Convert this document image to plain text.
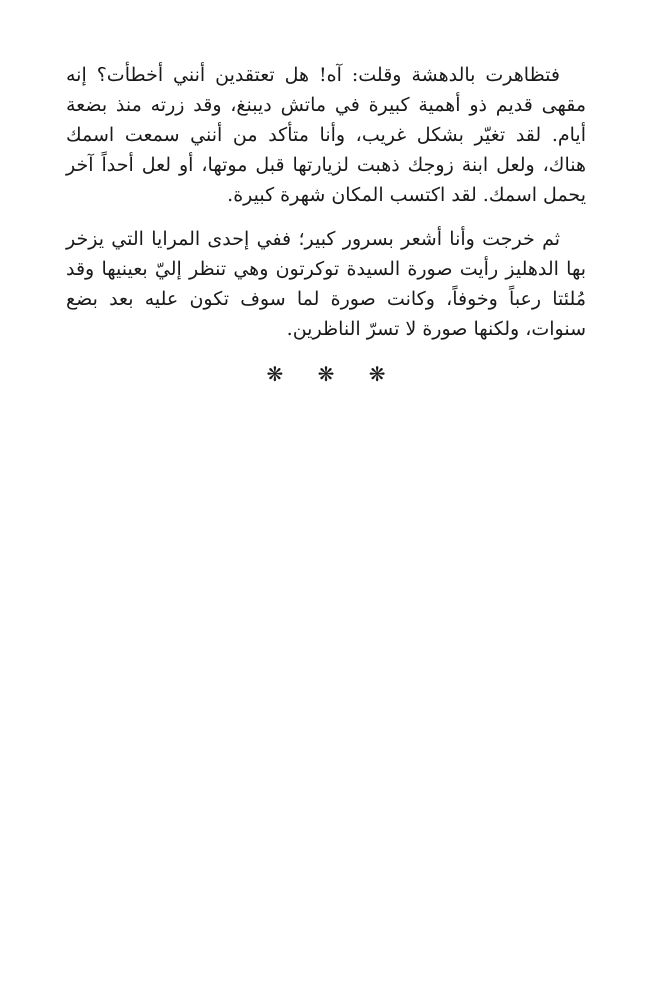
فتظاهرت بالدهشة وقلت: آه! هل تعتقدين أنني أخطأت؟ إنه مقهى قديم ذو أهمية كبيرة في ماتش ديبنغ، وقد زرته منذ بضعة أيام. لقد تغيّر بشكل غريب، وأنا متأكد من أنني سمعت اسمك هناك، ولعل ابنة زوجك ذهبت لزيارتها قبل موتها، أو لعل أحداً آخر يحمل اسمك. لقد اكتسب المكان شهرة كبيرة.

ثم خرجت وأنا أشعر بسرور كبير؛ ففي إحدى المرايا التي يزخر بها الدهليز رأيت صورة السيدة توكرتون وهي تنظر إليّ بعينيها وقد مُلئتا رعباً وخوفاً، وكانت صورة لما سوف تكون عليه بعد بضع سنوات، ولكنها صورة لا تسرّ الناظرين.

❋ ❋ ❋
